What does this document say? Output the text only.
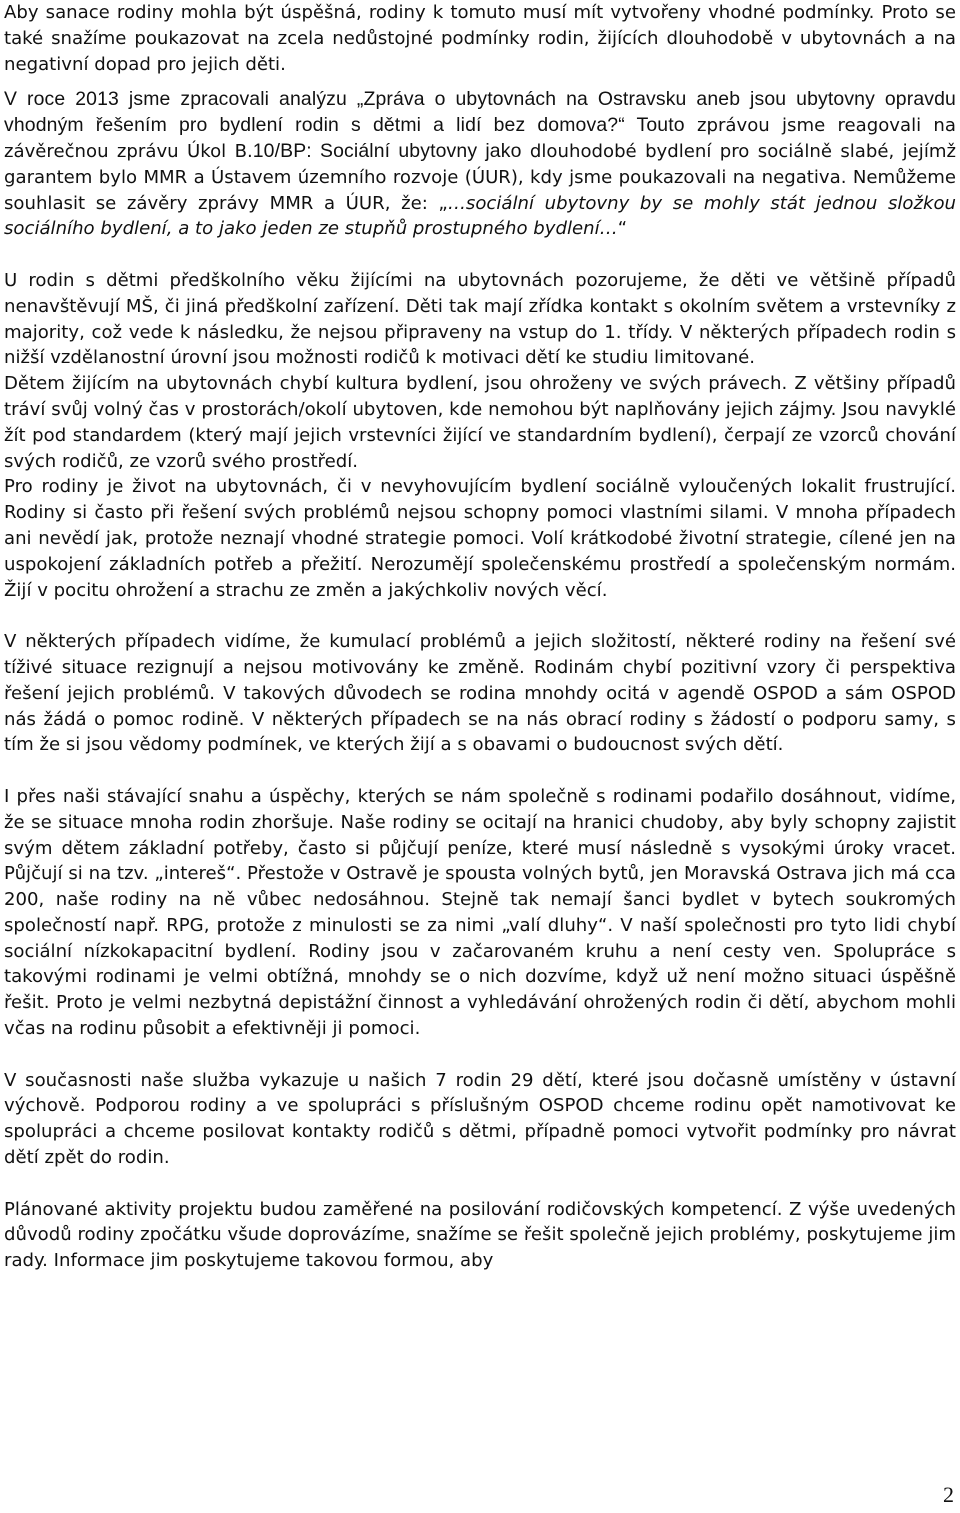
Aby sanace rodiny mohla být úspěšná, rodiny k tomuto musí mít vytvořeny vhodné podmínky. Proto se také snažíme poukazovat na zcela nedůstojné podmínky rodin, žijících dlouhodobě v ubytovnách a na negativní dopad pro jejich děti.

V roce 2013 jsme zpracovali analýzu „Zpráva o ubytovnách na Ostravsku aneb jsou ubytovny opravdu vhodným řešením pro bydlení rodin s dětmi a lidí bez domova?“ Touto zprávou jsme reagovali na závěrečnou zprávu Úkol B.10/BP: Sociální ubytovny jako dlouhodobé bydlení pro sociálně slabé, jejímž garantem bylo MMR a Ústavem územního rozvoje (ÚUR), kdy jsme poukazovali na negativa. Nemůžeme souhlasit se závěry zprávy MMR a ÚUR, že: „…sociální ubytovny by se mohly stát jednou složkou sociálního bydlení, a to jako jeden ze stupňů prostupného bydlení…“

U rodin s dětmi předškolního věku žijícími na ubytovnách pozorujeme, že děti ve většině případů nenavštěvují MŠ, či jiná předškolní zařízení. Děti tak mají zřídka kontakt s okolním světem a vrstevníky z majority, což vede k následku, že nejsou připraveny na vstup do 1. třídy. V některých případech rodin s nižší vzdělanostní úrovní jsou možnosti rodičů k motivaci dětí ke studiu limitované.

Dětem žijícím na ubytovnách chybí kultura bydlení, jsou ohroženy ve svých právech. Z většiny případů tráví svůj volný čas v prostorách/okolí ubytoven, kde nemohou být naplňovány jejich zájmy. Jsou navyklé žít pod standardem (který mají jejich vrstevníci žijící ve standardním bydlení), čerpají ze vzorců chování svých rodičů, ze vzorů svého prostředí.

Pro rodiny je život na ubytovnách, či v nevyhovujícím bydlení sociálně vyloučených lokalit frustrující. Rodiny si často při řešení svých problémů nejsou schopny pomoci vlastními silami. V mnoha případech ani nevědí jak, protože neznají vhodné strategie pomoci. Volí krátkodobé životní strategie, cílené jen na uspokojení základních potřeb a přežití. Nerozumějí společenskému prostředí a společenským normám. Žijí v pocitu ohrožení a strachu ze změn a jakýchkoliv nových věcí.

V některých případech vidíme, že kumulací problémů a jejich složitostí, některé rodiny na řešení své tíživé situace rezignují a nejsou motivovány ke změně. Rodinám chybí pozitivní vzory či perspektiva řešení jejich problémů. V takových důvodech se rodina mnohdy ocitá v agendě OSPOD a sám OSPOD nás žádá o pomoc rodině. V některých případech se na nás obrací rodiny s žádostí o podporu samy, s tím že si jsou vědomy podmínek, ve kterých žijí a s obavami o budoucnost svých dětí.

I přes naši stávající snahu a úspěchy, kterých se nám společně s rodinami podařilo dosáhnout, vidíme, že se situace mnoha rodin zhoršuje. Naše rodiny se ocitají na hranici chudoby, aby byly schopny zajistit svým dětem základní potřeby, často si půjčují peníze, které musí následně s vysokými úroky vracet. Půjčují si na tzv. „intereš“. Přestože v Ostravě je spousta volných bytů, jen Moravská Ostrava jich má cca 200, naše rodiny na ně vůbec nedosáhnou. Stejně tak nemají šanci bydlet v bytech soukromých společností např. RPG, protože z minulosti se za nimi „valí dluhy“. V naší společnosti pro tyto lidi chybí sociální nízkokapacitní bydlení. Rodiny jsou v začarovaném kruhu a není cesty ven. Spolupráce s takovými rodinami je velmi obtížná, mnohdy se o nich dozvíme, když už není možno situaci úspěšně řešit. Proto je velmi nezbytná depistážní činnost a vyhledávání ohrožených rodin či dětí, abychom mohli včas na rodinu působit a efektivněji ji pomoci.

V současnosti naše služba vykazuje u našich 7 rodin 29 dětí, které jsou dočasně umístěny v ústavní výchově. Podporou rodiny a ve spolupráci s příslušným OSPOD chceme rodinu opět namotivovat ke spolupráci a chceme posilovat kontakty rodičů s dětmi, případně pomoci vytvořit podmínky pro návrat dětí zpět do rodin.

Plánované aktivity projektu budou zaměřené na posilování rodičovských kompetencí. Z výše uvedených důvodů rodiny zpočátku všude doprovázíme, snažíme se řešit společně jejich problémy, poskytujeme jim rady. Informace jim poskytujeme takovou formou, aby

2
